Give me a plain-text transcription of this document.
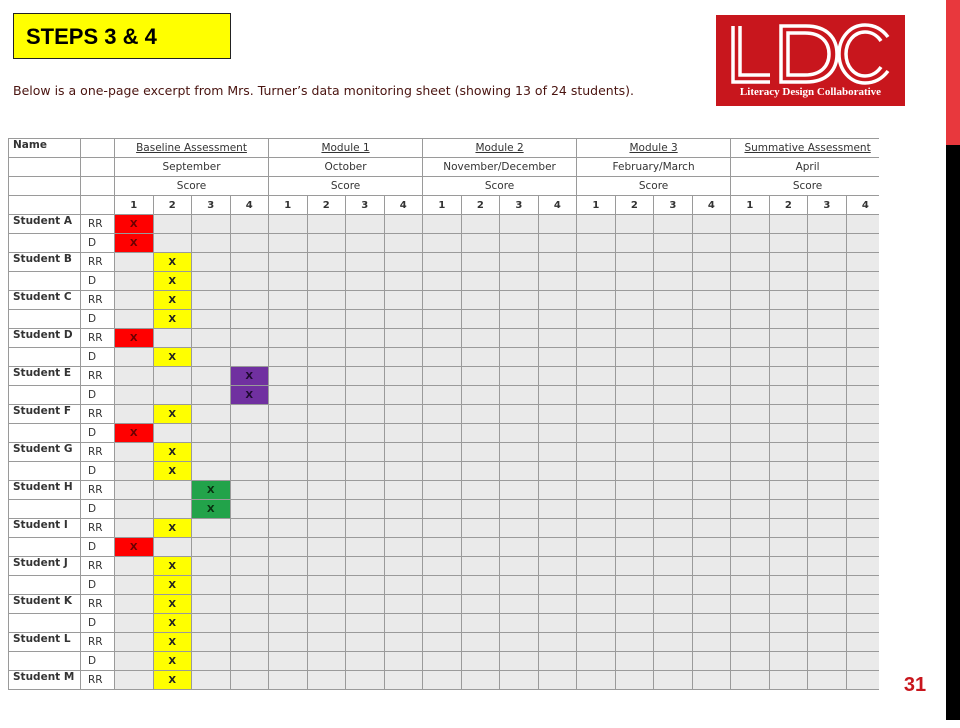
STEPS 3 & 4
Literacy Design Collaborative
Below is a one-page excerpt from Mrs. Turner’s data monitoring sheet (showing 13 of 24 students).
Name		Baseline Assessment				Module 1				Module 2				Module 3				Summative Assessment			
		September				October				November/December				February/March				April			
		Score				Score				Score				Score				Score			
		1	2	3	4	1	2	3	4	1	2	3	4	1	2	3	4	1	2	3	4
Student A	RR	X																			
	D	X																			
Student B	RR		X																		
	D		X																		
Student C	RR		X																		
	D		X																		
Student D	RR	X																			
	D		X																		
Student E	RR				X																
	D				X																
Student F	RR		X																		
	D	X																			
Student G	RR		X																		
	D		X																		
Student H	RR			X																	
	D			X																	
Student I	RR		X																		
	D	X																			
Student J	RR		X																		
	D		X																		
Student K	RR		X																		
	D		X																		
Student L	RR		X																		
	D		X																		
Student M	RR		X																			31
